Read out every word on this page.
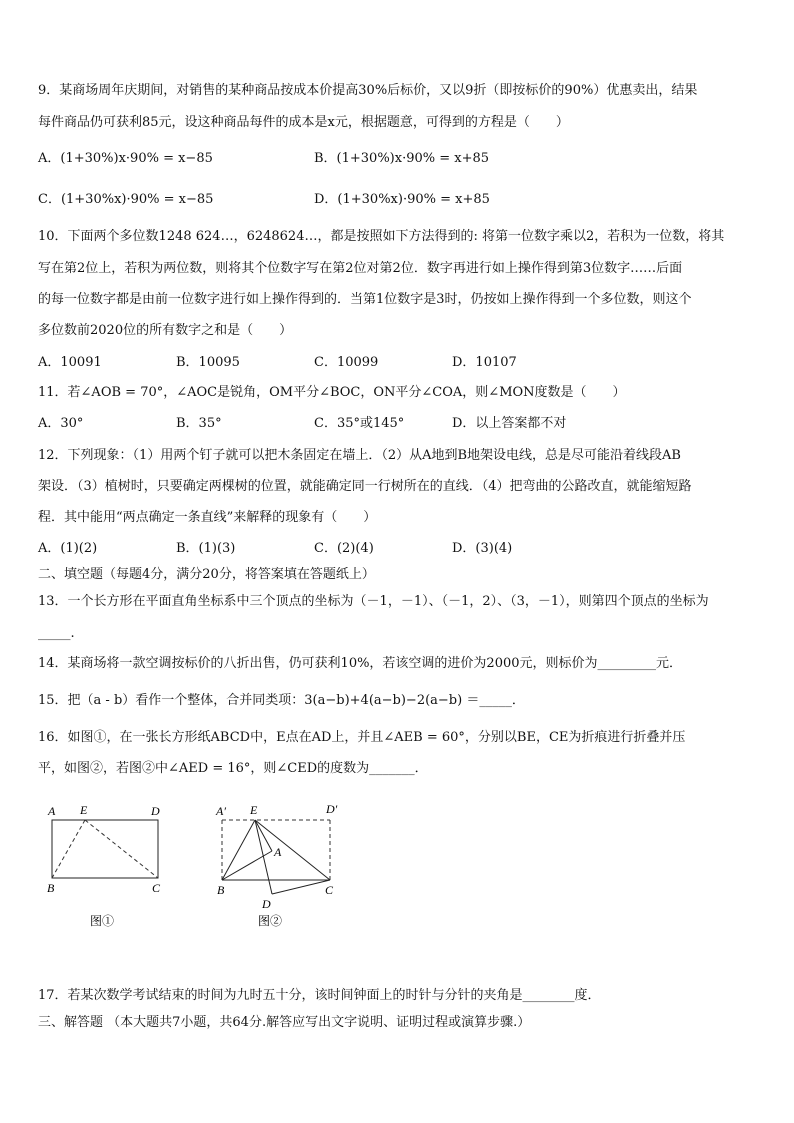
9．某商场周年庆期间，对销售的某种商品按成本价提高30%后标价，又以9折（即按标价的90%）优惠卖出，结果
每件商品仍可获利85元，设这种商品每件的成本是x元，根据题意，可得到的方程是（　　）
A．(1+30%)x·90% = x−85	B．(1+30%)x·90% = x+85
C．(1+30%x)·90% = x−85	D．(1+30%x)·90% = x+85
10．下面两个多位数1248 624…，6248624…，都是按照如下方法得到的: 将第一位数字乘以2，若积为一位数，将其
写在第2位上，若积为两位数，则将其个位数字写在第2位对第2位．数字再进行如上操作得到第3位数字……后面
的每一位数字都是由前一位数字进行如上操作得到的．当第1位数字是3时，仍按如上操作得到一个多位数，则这个
多位数前2020位的所有数字之和是（　　）
A．10091	B．10095	C．10099	D．10107
11．若∠AOB = 70°，∠AOC是锐角，OM平分∠BOC，ON平分∠COA，则∠MON度数是（　　）
A．30°	B．35°	C．35°或145°	D．以上答案都不对
12．下列现象：（1）用两个钉子就可以把木条固定在墙上．（2）从A地到B地架设电线，总是尽可能沿着线段AB
架设．（3）植树时，只要确定两棵树的位置，就能确定同一行树所在的直线．（4）把弯曲的公路改直，就能缩短路
程．其中能用“两点确定一条直线”来解释的现象有（　　）
A．(1)(2)	B．(1)(3)	C．(2)(4)	D．(3)(4)
二、填空题（每题4分，满分20分，将答案填在答题纸上）
13．一个长方形在平面直角坐标系中三个顶点的坐标为（－1，－1）、（－1，2）、（3，－1），则第四个顶点的坐标为
_____.
14．某商场将一款空调按标价的八折出售，仍可获利10%，若该空调的进价为2000元，则标价为_________元．
15．把（a - b）看作一个整体，合并同类项：3(a−b)+4(a−b)−2(a−b) ＝_____．
16．如图①，在一张长方形纸ABCD中，E点在AD上，并且∠AEB = 60°，分别以BE，CE为折痕进行折叠并压
平，如图②，若图②中∠AED = 16°，则∠CED的度数为_______．
A E	D
B	C
图①
A′ E	D′
A
B	C
D
图②
17．若某次数学考试结束的时间为九时五十分，该时间钟面上的时针与分针的夹角是________度．
三、解答题 （本大题共7小题，共64分.解答应写出文字说明、证明过程或演算步骤.）
